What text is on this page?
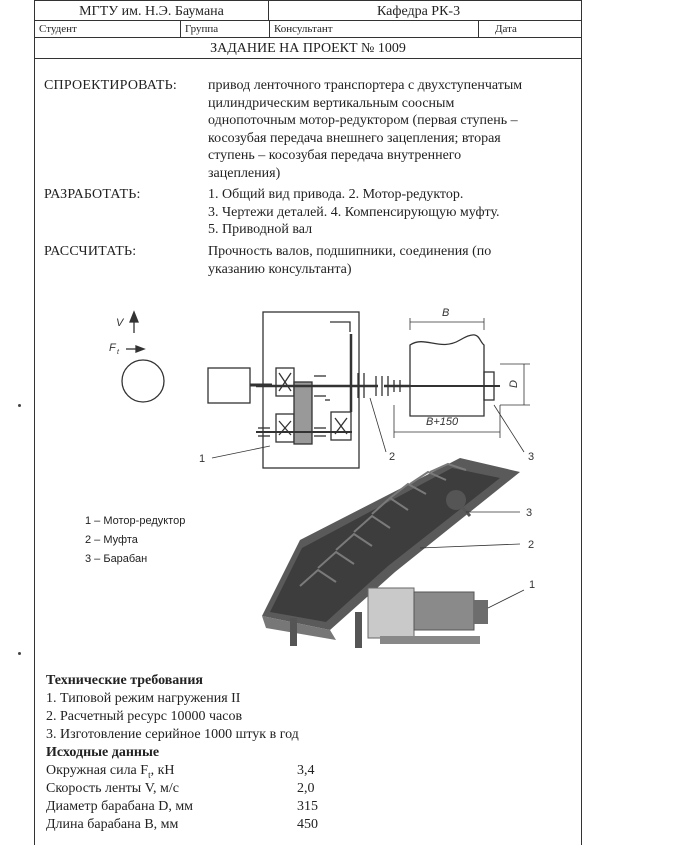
МГТУ им. Н.Э. Баумана	Кафедра РК-3
Студент	Группа	Консультант	Дата
ЗАДАНИЕ НА ПРОЕКТ № 1009
СПРОЕКТИРОВАТЬ: привод ленточного транспортера с двухступенчатым
цилиндрическим вертикальным соосным
однопоточным мотор-редуктором (первая ступень –
косозубая передача внешнего зацепления; вторая
ступень – косозубая передача внутреннего
зацепления)
РАЗРАБОТАТЬ:	1. Общий вид привода. 2. Мотор-редуктор.
3. Чертежи деталей. 4. Компенсирующую муфту.
5. Приводной вал
РАССЧИТАТЬ:	Прочность валов, подшипники, соединения (по
указанию консультанта)
V
F t
B
B+150
D
1	2	3
3
2
1
1 – Мотор-редуктор
2 – Муфта
3 – Барабан
Технические требования
1. Типовой режим нагружения II
2. Расчетный ресурс 10000 часов
3. Изготовление серийное 1000 штук в год
Исходные данные
Окружная сила $F_t$, кН	3,4
Скорость ленты V, м/с	2,0
Диаметр барабана D, мм	315
Длина барабана B, мм	450
